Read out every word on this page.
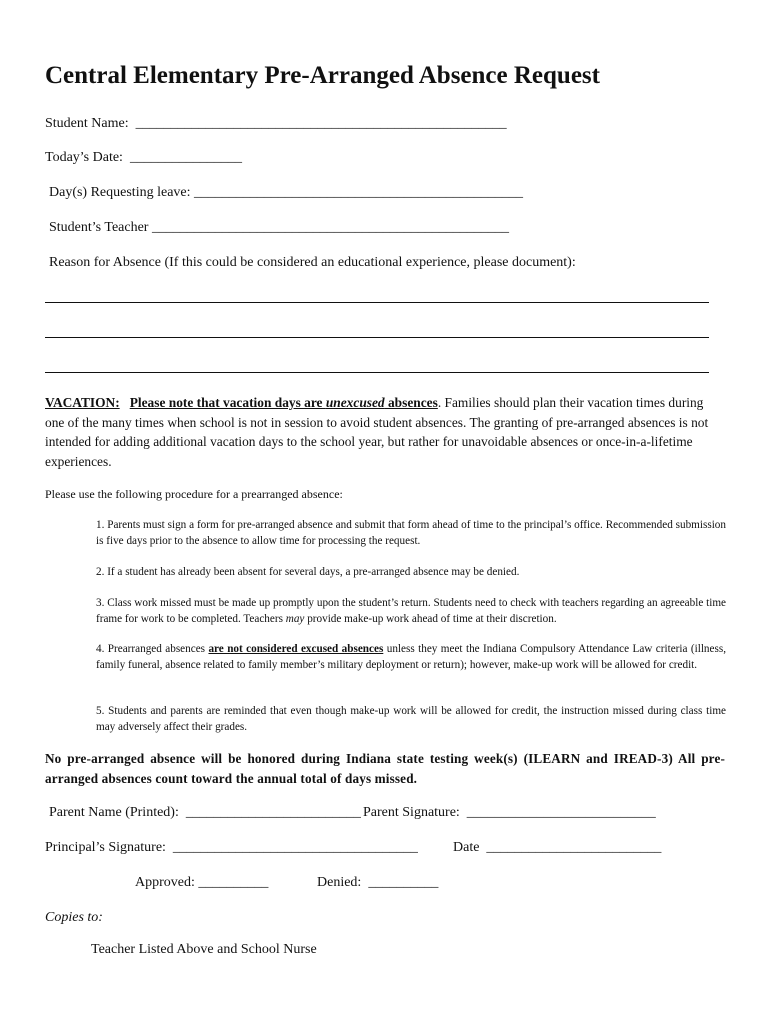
Central Elementary Pre-Arranged Absence Request
Student Name:  _____________________________________________________
Today’s Date:  ________________
Day(s) Requesting leave: _______________________________________________
Student’s Teacher ___________________________________________________
Reason for Absence (If this could be considered an educational experience, please document):
VACATION: Please note that vacation days are unexcused absences. Families should plan their vacation times during one of the many times when school is not in session to avoid student absences. The granting of pre-arranged absences is not intended for adding additional vacation days to the school year, but rather for unavoidable absences or once-in-a-lifetime experiences.
Please use the following procedure for a prearranged absence:
1. Parents must sign a form for pre-arranged absence and submit that form ahead of time to the principal’s office. Recommended submission is five days prior to the absence to allow time for processing the request.
2. If a student has already been absent for several days, a pre-arranged absence may be denied.
3. Class work missed must be made up promptly upon the student’s return. Students need to check with teachers regarding an agreeable time frame for work to be completed. Teachers may provide make-up work ahead of time at their discretion.
4. Prearranged absences are not considered excused absences unless they meet the Indiana Compulsory Attendance Law criteria (illness, family funeral, absence related to family member’s military deployment or return); however, make-up work will be allowed for credit.
5. Students and parents are reminded that even though make-up work will be allowed for credit, the instruction missed during class time may adversely affect their grades.
No pre-arranged absence will be honored during Indiana state testing week(s) (ILEARN and IREAD-3) All pre-arranged absences count toward the annual total of days missed.
Parent Name (Printed):  _________________________ Parent Signature:  ___________________________
Principal’s Signature:  ___________________________________	Date  _________________________
Approved: __________	Denied:  __________
Copies to:
Teacher Listed Above and School Nurse
